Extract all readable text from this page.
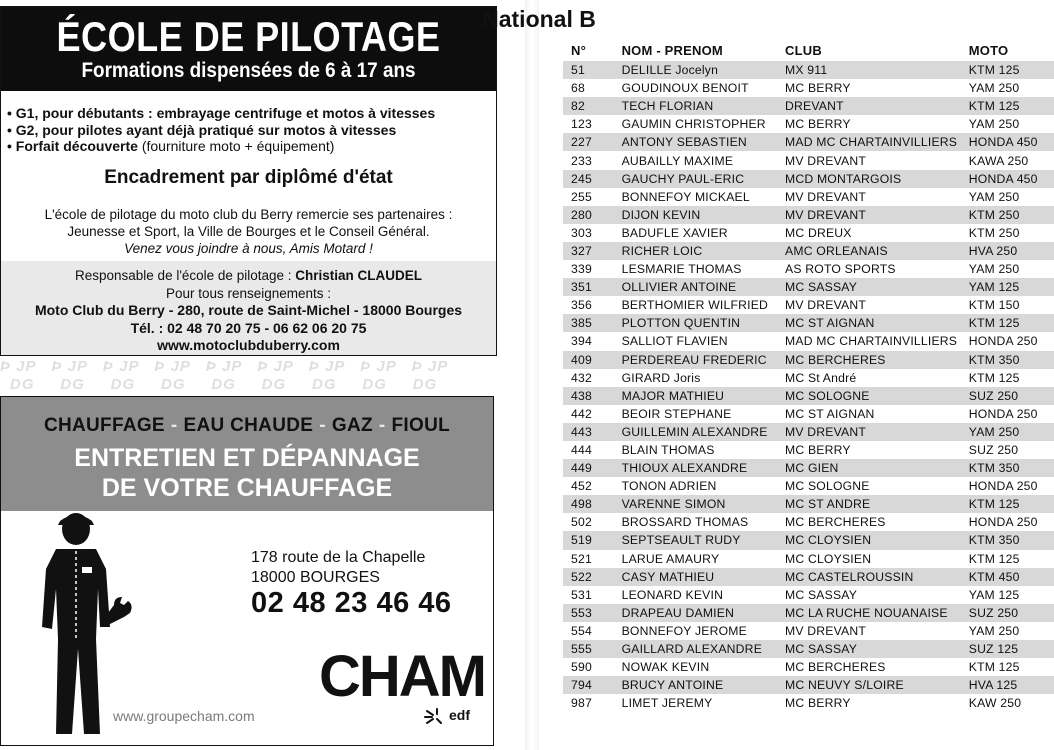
ÉCOLE DE PILOTAGE
Formations dispensées de 6 à 17 ans
• G1, pour débutants : embrayage centrifuge et motos à vitesses
• G2, pour pilotes ayant déjà pratiqué sur motos à vitesses
• Forfait découverte (fourniture moto + équipement)
Encadrement par diplômé d'état
L'école de pilotage du moto club du Berry remercie ses partenaires :
Jeunesse et Sport, la Ville de Bourges et le Conseil Général.
Venez vous joindre à nous, Amis Motard !
Responsable de l'école de pilotage : Christian CLAUDEL
Pour tous renseignements :
Moto Club du Berry - 280, route de Saint-Michel - 18000 Bourges
Tél. : 02 48 70 20 75 - 06 62 06 20 75
www.motoclubduberry.com
Þ JP   Þ JP   Þ JP   Þ JP   Þ JP   Þ JP   Þ JP   Þ JP   Þ JP
DG     DG     DG     DG     DG     DG     DG     DG     DG
CHAUFFAGE - EAU CHAUDE - GAZ - FIOUL
ENTRETIEN ET DÉPANNAGE
DE VOTRE CHAUFFAGE
178 route de la Chapelle
18000 BOURGES
02 48 23 46 46
CHAM
www.groupecham.com	edf
National B
N°	NOM - PRENOM	CLUB	MOTO
51	DELILLE Jocelyn	MX 911	KTM 125
68	GOUDINOUX BENOIT	MC BERRY	YAM 250
82	TECH FLORIAN	DREVANT	KTM 125
123	GAUMIN CHRISTOPHER	MC BERRY	YAM 250
227	ANTONY SEBASTIEN	MAD MC CHARTAINVILLIERS	HONDA 450
233	AUBAILLY MAXIME	MV DREVANT	KAWA 250
245	GAUCHY PAUL-ERIC	MCD MONTARGOIS	HONDA 450
255	BONNEFOY MICKAEL	MV DREVANT	YAM 250
280	DIJON KEVIN	MV DREVANT	KTM 250
303	BADUFLE XAVIER	MC DREUX	KTM 250
327	RICHER LOIC	AMC ORLEANAIS	HVA 250
339	LESMARIE THOMAS	AS ROTO SPORTS	YAM 250
351	OLLIVIER ANTOINE	MC SASSAY	YAM 125
356	BERTHOMIER WILFRIED	MV DREVANT	KTM 150
385	PLOTTON QUENTIN	MC ST AIGNAN	KTM 125
394	SALLIOT FLAVIEN	MAD MC CHARTAINVILLIERS	HONDA 250
409	PERDEREAU FREDERIC	MC BERCHERES	KTM 350
432	GIRARD Joris	MC St André	KTM 125
438	MAJOR MATHIEU	MC SOLOGNE	SUZ 250
442	BEOIR STEPHANE	MC ST AIGNAN	HONDA 250
443	GUILLEMIN ALEXANDRE	MV DREVANT	YAM 250
444	BLAIN THOMAS	MC BERRY	SUZ 250
449	THIOUX ALEXANDRE	MC GIEN	KTM 350
452	TONON ADRIEN	MC SOLOGNE	HONDA 250
498	VARENNE SIMON	MC ST ANDRE	KTM 125
502	BROSSARD THOMAS	MC BERCHERES	HONDA 250
519	SEPTSEAULT RUDY	MC CLOYSIEN	KTM 350
521	LARUE AMAURY	MC CLOYSIEN	KTM 125
522	CASY MATHIEU	MC CASTELROUSSIN	KTM 450
531	LEONARD KEVIN	MC SASSAY	YAM 125
553	DRAPEAU DAMIEN	MC LA RUCHE NOUANAISE	SUZ 250
554	BONNEFOY JEROME	MV DREVANT	YAM 250
555	GAILLARD ALEXANDRE	MC SASSAY	SUZ 125
590	NOWAK KEVIN	MC BERCHERES	KTM 125
794	BRUCY ANTOINE	MC NEUVY S/LOIRE	HVA 125
987	LIMET JEREMY	MC BERRY	KAW 250
